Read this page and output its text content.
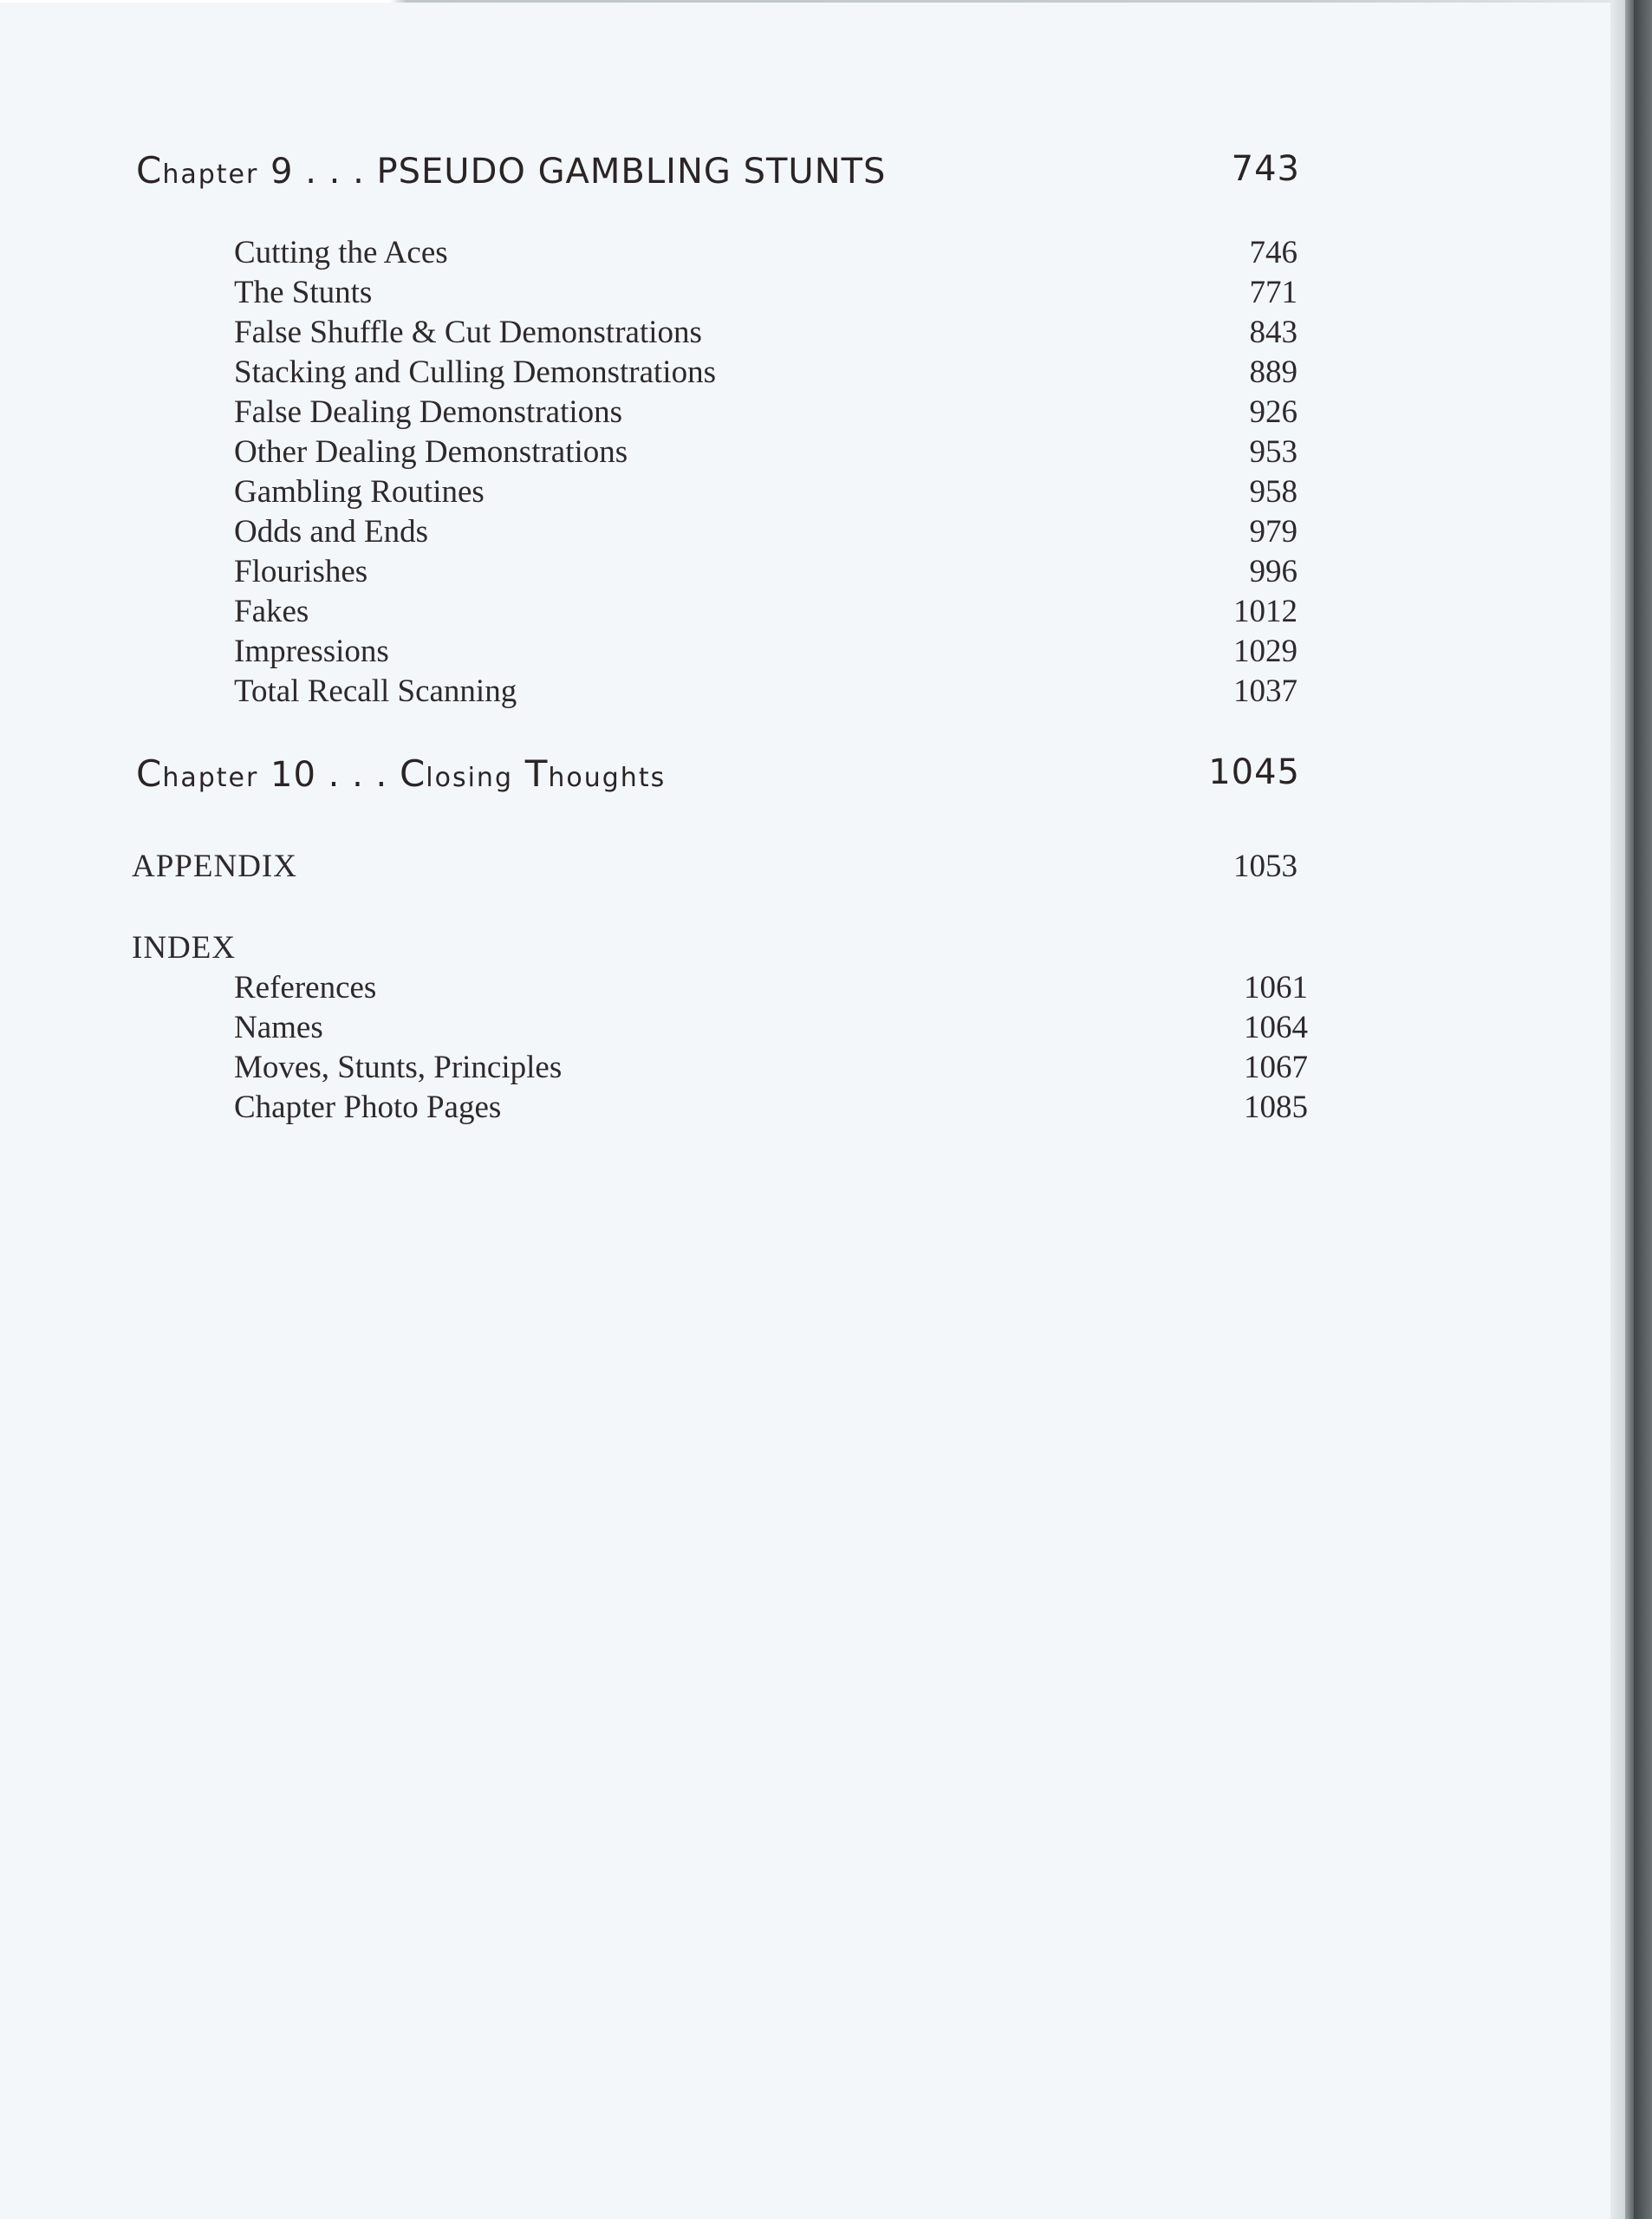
Chapter 9 . . . PSEUDO GAMBLING STUNTS	743
Cutting the Aces	746
The Stunts	771
False Shuffle & Cut Demonstrations	843
Stacking and Culling Demonstrations	889
False Dealing Demonstrations	926
Other Dealing Demonstrations	953
Gambling Routines	958
Odds and Ends	979
Flourishes	996
Fakes	1012
Impressions	1029
Total Recall Scanning	1037
Chapter 10 . . . Closing Thoughts	1045
APPENDIX	1053
INDEX
References	1061
Names	1064
Moves, Stunts, Principles	1067
Chapter Photo Pages	1085
